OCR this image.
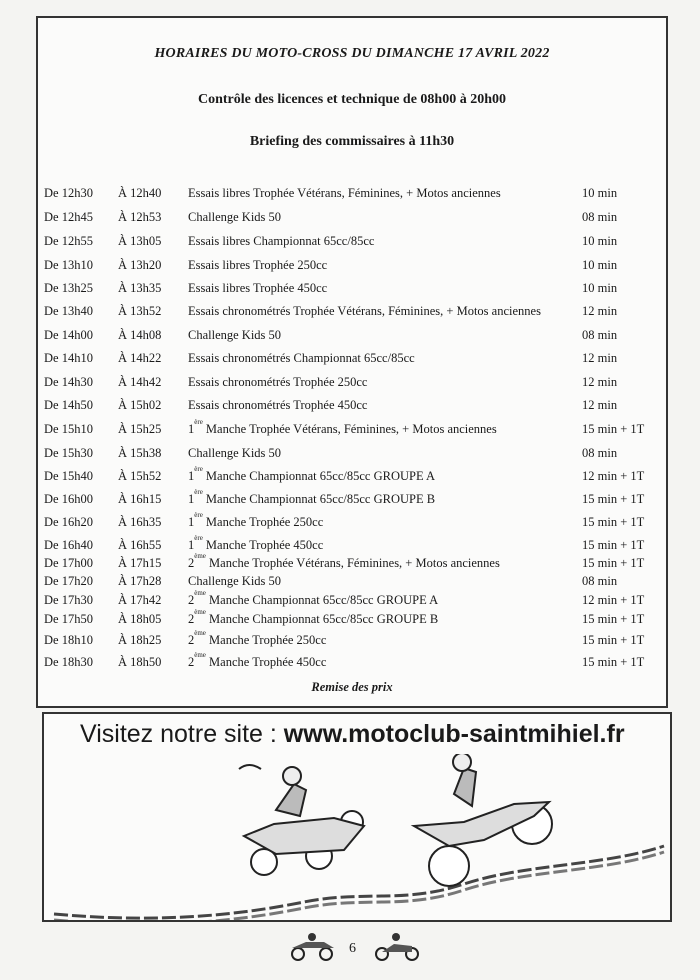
HORAIRES DU MOTO-CROSS DU DIMANCHE 17 AVRIL 2022
Contrôle des licences et technique de 08h00 à 20h00
Briefing des commissaires à 11h30
De 12h30 À 12h40 Essais libres Trophée Vétérans, Féminines, + Motos anciennes	10 min
De 12h45 À 12h53 Challenge Kids 50	08 min
De 12h55 À 13h05 Essais libres Championnat 65cc/85cc	10 min
De 13h10 À 13h20 Essais libres Trophée 250cc	10 min
De 13h25 À 13h35 Essais libres Trophée 450cc	10 min
De 13h40 À 13h52 Essais chronométrés Trophée Vétérans, Féminines, + Motos anciennes	12 min
De 14h00 À 14h08 Challenge Kids 50	08 min
De 14h10 À 14h22 Essais chronométrés Championnat 65cc/85cc	12 min
De 14h30 À 14h42 Essais chronométrés Trophée 250cc	12 min
De 14h50 À 15h02 Essais chronométrés Trophée 450cc	12 min
De 15h10 À 15h25 1ère Manche Trophée Vétérans, Féminines, + Motos anciennes	15 min + 1T
De 15h30 À 15h38 Challenge Kids 50	08 min
De 15h40 À 15h52 1ère Manche Championnat 65cc/85cc GROUPE A	12 min + 1T
De 16h00 À 16h15 1ère Manche Championnat 65cc/85cc GROUPE B	15 min + 1T
De 16h20 À 16h35 1ère Manche Trophée 250cc	15 min + 1T
De 16h40 À 16h55 1ère Manche Trophée 450cc	15 min + 1T
De 17h00 À 17h15 2ème Manche Trophée Vétérans, Féminines, + Motos anciennes	15 min + 1T
De 17h20 À 17h28 Challenge Kids 50	08 min
De 17h30 À 17h42 2ème Manche Championnat 65cc/85cc GROUPE A	12 min + 1T
De 17h50 À 18h05 2ème Manche Championnat 65cc/85cc GROUPE B	15 min + 1T
De 18h10 À 18h25 2ème Manche Trophée 250cc	15 min + 1T
De 18h30 À 18h50 2ème Manche Trophée 450cc	15 min + 1T
Remise des prix
Visitez notre site : www.motoclub-saintmihiel.fr
6
